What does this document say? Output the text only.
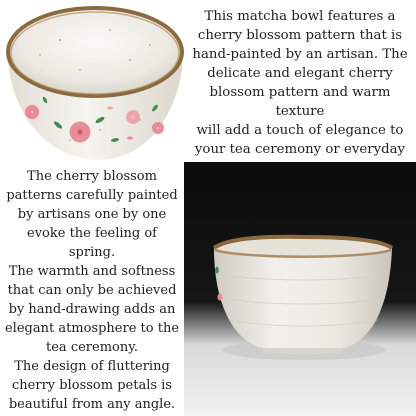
This matcha bowl features a
cherry blossom pattern that is
hand-painted by an artisan. The
delicate and elegant cherry
blossom pattern and warm texture
will add a touch of elegance to
your tea ceremony or everyday

The cherry blossom
patterns carefully painted
by artisans one by one
evoke the feeling of
spring.

The warmth and softness
that can only be achieved
by hand-drawing adds an
elegant atmosphere to the
tea ceremony.

The design of fluttering
cherry blossom petals is
beautiful from any angle.
